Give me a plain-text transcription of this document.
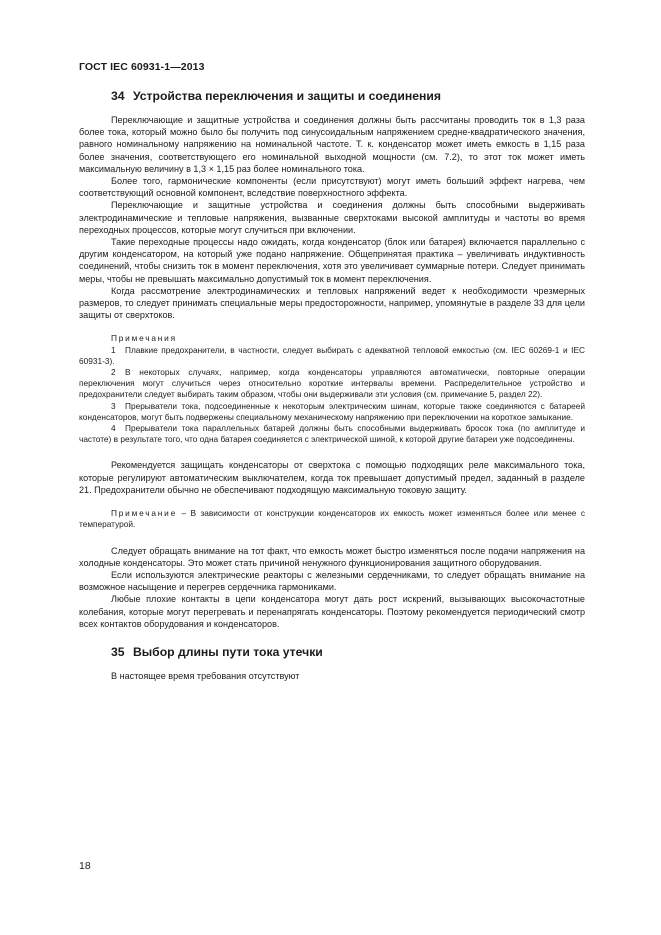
ГОСТ IEC 60931-1—2013
34 Устройства переключения и защиты и соединения

Переключающие и защитные устройства и соединения должны быть рассчитаны проводить ток в 1,3 раза более тока, который можно было бы получить под синусоидальным напряжением средне-квадратического значения, равного номинальному напряжению на номинальной частоте. Т. к. конденсатор может иметь емкость в 1,15 раза более значения, соответствующего его номинальной выходной мощности (см. 7.2), то этот ток может иметь максимальную величину в 1,3 × 1,15 раз более номинального тока.

Более того, гармонические компоненты (если присутствуют) могут иметь больший эффект нагрева, чем соответствующий основной компонент, вследствие поверхностного эффекта.

Переключающие и защитные устройства и соединения должны быть способными выдерживать электродинамические и тепловые напряжения, вызванные сверхтоками высокой амплитуды и частоты во время переходных процессов, которые могут случиться при включении.

Такие переходные процессы надо ожидать, когда конденсатор (блок или батарея) включается параллельно с другим конденсатором, на который уже подано напряжение. Общепринятая практика – увеличивать индуктивность соединений, чтобы снизить ток в момент переключения, хотя это увеличивает суммарные потери. Следует принимать меры, чтобы не превышать максимально допустимый ток в момент переключения.

Когда рассмотрение электродинамических и тепловых напряжений ведет к необходимости чрезмерных размеров, то следует принимать специальные меры предосторожности, например, упомянутые в разделе 33 для цели защиты от сверхтоков.

Примечания

1 Плавкие предохранители, в частности, следует выбирать с адекватной тепловой емкостью (см. IEC 60269-1 и IEC 60931-3).

2 В некоторых случаях, например, когда конденсаторы управляются автоматически, повторные операции переключения могут случиться через относительно короткие интервалы времени. Распределительное устройство и предохранители следует выбирать таким образом, чтобы они выдерживали эти условия (см. примечание 5, раздел 22).

3 Прерыватели тока, подсоединенные к некоторым электрическим шинам, которые также соединяются с батареей конденсаторов, могут быть подвержены специальному механическому напряжению при переключении на короткое замыкание.

4 Прерыватели тока параллельных батарей должны быть способными выдерживать бросок тока (по амплитуде и частоте) в результате того, что одна батарея соединяется с электрической шиной, к которой другие батареи уже подсоединены.

Рекомендуется защищать конденсаторы от сверхтока с помощью подходящих реле максимального тока, которые регулируют автоматическим выключателем, когда ток превышает допустимый предел, заданный в разделе 21. Предохранители обычно не обеспечивают подходящую максимальную токовую защиту.

Примечание – В зависимости от конструкции конденсаторов их емкость может изменяться более или менее с температурой.

Следует обращать внимание на тот факт, что емкость может быстро изменяться после подачи напряжения на холодные конденсаторы. Это может стать причиной ненужного функционирования защитного оборудования.

Если используются электрические реакторы с железными сердечниками, то следует обращать внимание на возможное насыщение и перегрев сердечника гармониками.

Любые плохие контакты в цепи конденсатора могут дать рост искрений, вызывающих высокочастотные колебания, которые могут перегревать и перенапрягать конденсаторы. Поэтому рекомендуется периодический смотр всех контактов оборудования и конденсаторов.

35 Выбор длины пути тока утечки

В настоящее время требования отсутствуют

18
